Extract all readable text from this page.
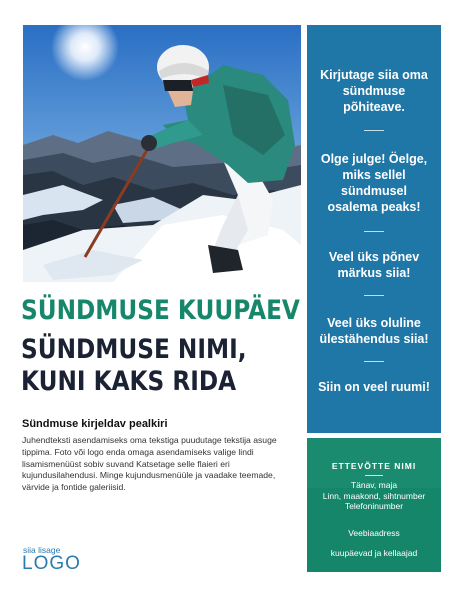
Kirjutage siia oma sündmuse põhiteave.
Olge julge! Öelge, miks sellel sündmusel osalema peaks!
Veel üks põnev märkus siia!
Veel üks oluline ülestähendus siia!
Siin on veel ruumi!
ETTEVÕTTE NIMI
Tänav, maja
Linn, maakond, sihtnumber
Telefoninumber
Veebiaadress
kuupäevad ja kellaajad
SÜNDMUSE KUUPÄEV
SÜNDMUSE NIMI,
KUNI KAKS RIDA
Sündmuse kirjeldav pealkiri
Juhendteksti asendamiseks oma tekstiga puudutage tekstija asuge tippima. Foto või logo enda omaga asendamiseks valige lindi lisamismenüüst sobiv suvand Katsetage selle flaieri eri kujundusilahendusi. Minge kujundusmenüüle ja vaadake teemade, värvide ja fontide galeriisid.
siia lisage
LOGO
